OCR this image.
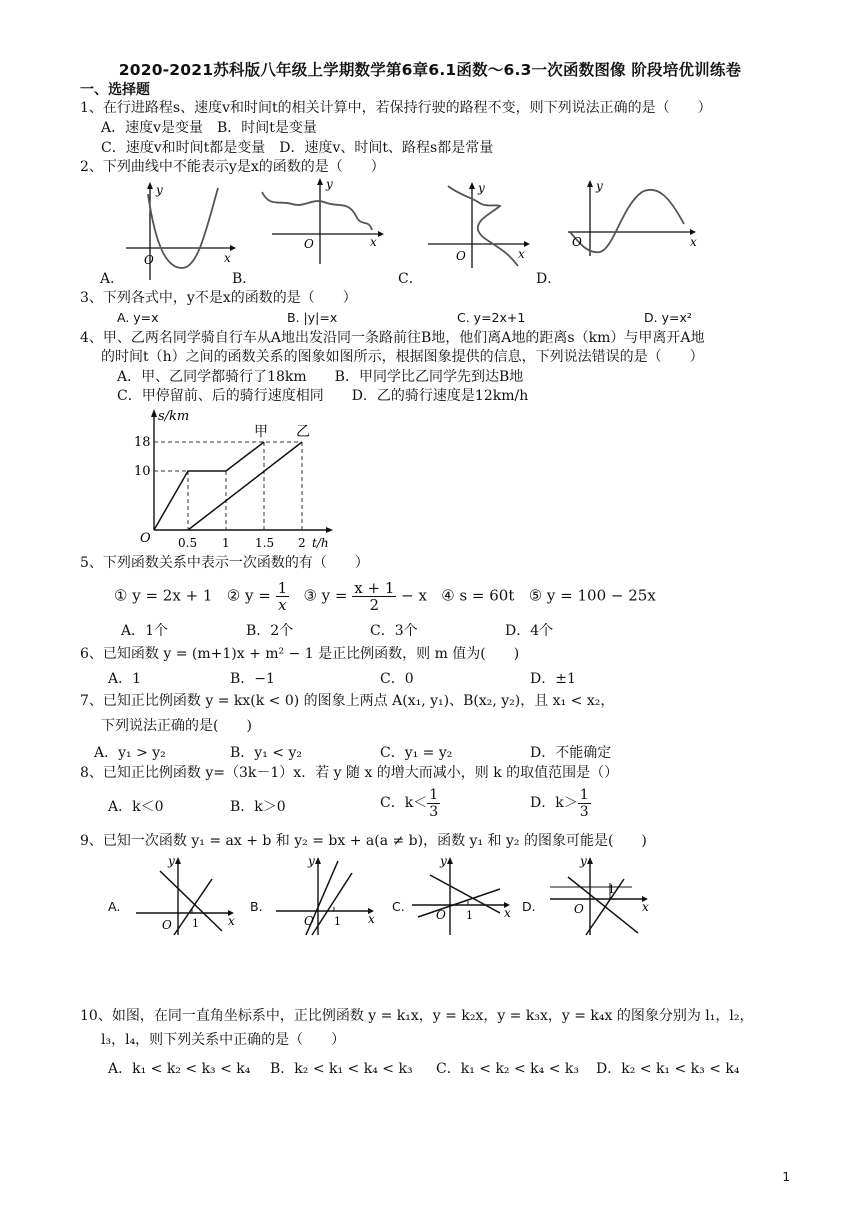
2020-2021苏科版八年级上学期数学第6章6.1函数～6.3一次函数图像 阶段培优训练卷
一、选择题
1、在行进路程s、速度v和时间t的相关计算中，若保持行驶的路程不变，则下列说法正确的是（　　）
A．速度v是变量　B．时间t是变量
C．速度v和时间t都是变量　D．速度v、时间t、路程s都是常量
2、下列曲线中不能表示y是x的函数的是（　　）
O
y
x
A．
O
y
x
B．
O
y
x
C．
O
y
x
D．
3、下列各式中，y不是x的函数的是（　　）
A. y=x	B. |y|=x	C. y=2x+1	D. y=x²
4、甲、乙两名同学骑自行车从A地出发沿同一条路前往B地，他们离A地的距离s（km）与甲离开A地
的时间t（h）之间的函数关系的图象如图所示，根据图象提供的信息，下列说法错误的是（　　）
A．甲、乙同学都骑行了18km　　B．甲同学比乙同学先到达B地
C．甲停留前、后的骑行速度相同　　D．乙的骑行速度是12km/h
s/km
18
10
O 0.5 1 1.5 2 t/h
甲 乙
5、下列函数关系中表示一次函数的有（　　）
① y = 2x + 1 ② $y = \frac{1}{x}$ ③ $y = \frac{x + 1}{2} - x$ ④ s = 60t ⑤ y = 100 − 25x
A．1个	B．2个	C．3个	D．4个
6、已知函数 y = (m+1)x + m² − 1 是正比例函数，则 m 值为(　　)
A．1	B．−1	C．0	D．±1
7、已知正比例函数 y = kx(k < 0) 的图象上两点 A(x₁, y₁)、B(x₂, y₂)，且 x₁ < x₂，
下列说法正确的是(　　)
A．y₁ > y₂	B．y₁ < y₂	C．y₁ = y₂	D．不能确定
8、已知正比例函数 y=（3k－1）x．若 y 随 x 的增大而减小，则 k 的取值范围是（）
A．k＜0	B．k＞0	C．$k< \frac{1}{3}$	D．$k> \frac{1}{3}$
9、已知一次函数 y₁ = ax + b 和 y₂ = bx + a(a ≠ b)，函数 y₁ 和 y₂ 的图象可能是(　　)
A.
O 1
y
x
B.
O 1
y
x
C.
O 1
y
x D.	O
1
y
x
10、如图，在同一直角坐标系中，正比例函数 y = k₁x，y = k₂x，y = k₃x，y = k₄x 的图象分别为 l₁，l₂，
l₃，l₄，则下列关系中正确的是（　　）
A．k₁ < k₂ < k₃ < k₄ B．k₂ < k₁ < k₄ < k₃ C．k₁ < k₂ < k₄ < k₃ D．k₂ < k₁ < k₃ < k₄
1
